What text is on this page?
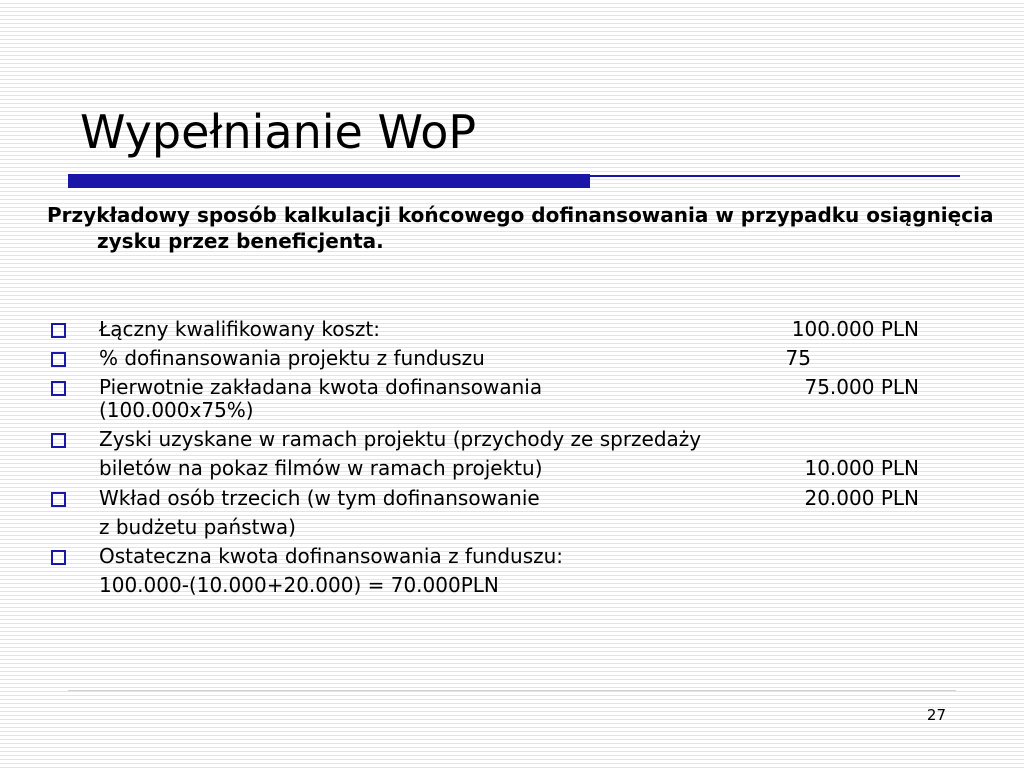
Wypełnianie WoP
Przykładowy sposób kalkulacji końcowego dofinansowania w przypadku osiągnięcia zysku przez beneficjenta.
Łączny kwalifikowany koszt:	100.000 PLN
% dofinansowania projektu z funduszu	75
Pierwotnie zakładana kwota dofinansowania	75.000 PLN
(100.000x75%)
Zyski uzyskane w ramach projektu (przychody ze sprzedaży
biletów na pokaz filmów w ramach projektu)	10.000 PLN
Wkład osób trzecich (w tym dofinansowanie	20.000 PLN
z budżetu państwa)
Ostateczna kwota dofinansowania z funduszu:
100.000-(10.000+20.000) = 70.000PLN
27
